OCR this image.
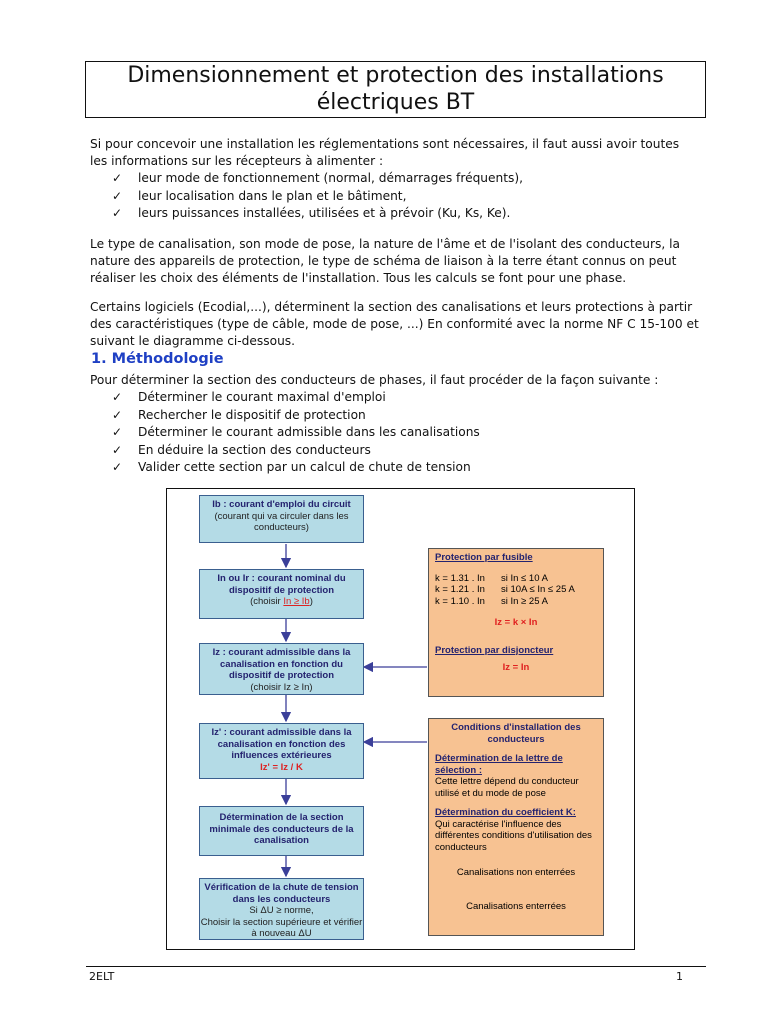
Dimensionnement et protection des installations
électriques BT

Si pour concevoir une installation les réglementations sont nécessaires, il faut aussi avoir toutes les informations sur les récepteurs à alimenter :

✓ leur mode de fonctionnement (normal, démarrages fréquents),
✓ leur localisation dans le plan et le bâtiment,
✓ leurs puissances installées, utilisées et à prévoir (Ku, Ks, Ke).

Le type de canalisation, son mode de pose, la nature de l'âme et de l'isolant des conducteurs, la nature des appareils de protection, le type de schéma de liaison à la terre étant connus on peut réaliser les choix des éléments de l'installation. Tous les calculs se font pour une phase.

Certains logiciels (Ecodial,...), déterminent la section des canalisations et leurs protections à partir des caractéristiques (type de câble, mode de pose, ...) En conformité avec la norme NF C 15-100 et suivant le diagramme ci-dessous.

1. Méthodologie

Pour déterminer la section des conducteurs de phases, il faut procéder de la façon suivante :

✓ Déterminer le courant maximal d'emploi
✓ Rechercher le dispositif de protection
✓ Déterminer le courant admissible dans les canalisations
✓ En déduire la section des conducteurs
✓ Valider cette section par un calcul de chute de tension
Ib : courant d'emploi du circuit
(courant qui va circuler dans les conducteurs)
In ou Ir : courant nominal du dispositif de protection
(choisir In ≥ Ib)
Iz : courant admissible dans la canalisation en fonction du dispositif de protection
(choisir Iz ≥ In)
Iz' : courant admissible dans la canalisation en fonction des influences extérieures
Iz' = Iz / K
Détermination de la section minimale des conducteurs de la canalisation
Vérification de la chute de tension dans les conducteurs
Si ΔU ≥ norme,
Choisir la section supérieure et vérifier à nouveau ΔU
Protection par fusible
k = 1.31 . In	si In ≤ 10 A
k = 1.21 . In	si 10A ≤ In ≤ 25 A
k = 1.10 . In	si In ≥ 25 A
Iz = k × In
Protection par disjoncteur
Iz = In
Conditions d'installation des conducteurs
Détermination de la lettre de sélection :
Cette lettre dépend du conducteur utilisé et du mode de pose
Détermination du coefficient K:
Qui caractérise l'influence des différentes conditions d'utilisation des conducteurs
Canalisations non enterrées
Canalisations enterrées
2ELT	1
